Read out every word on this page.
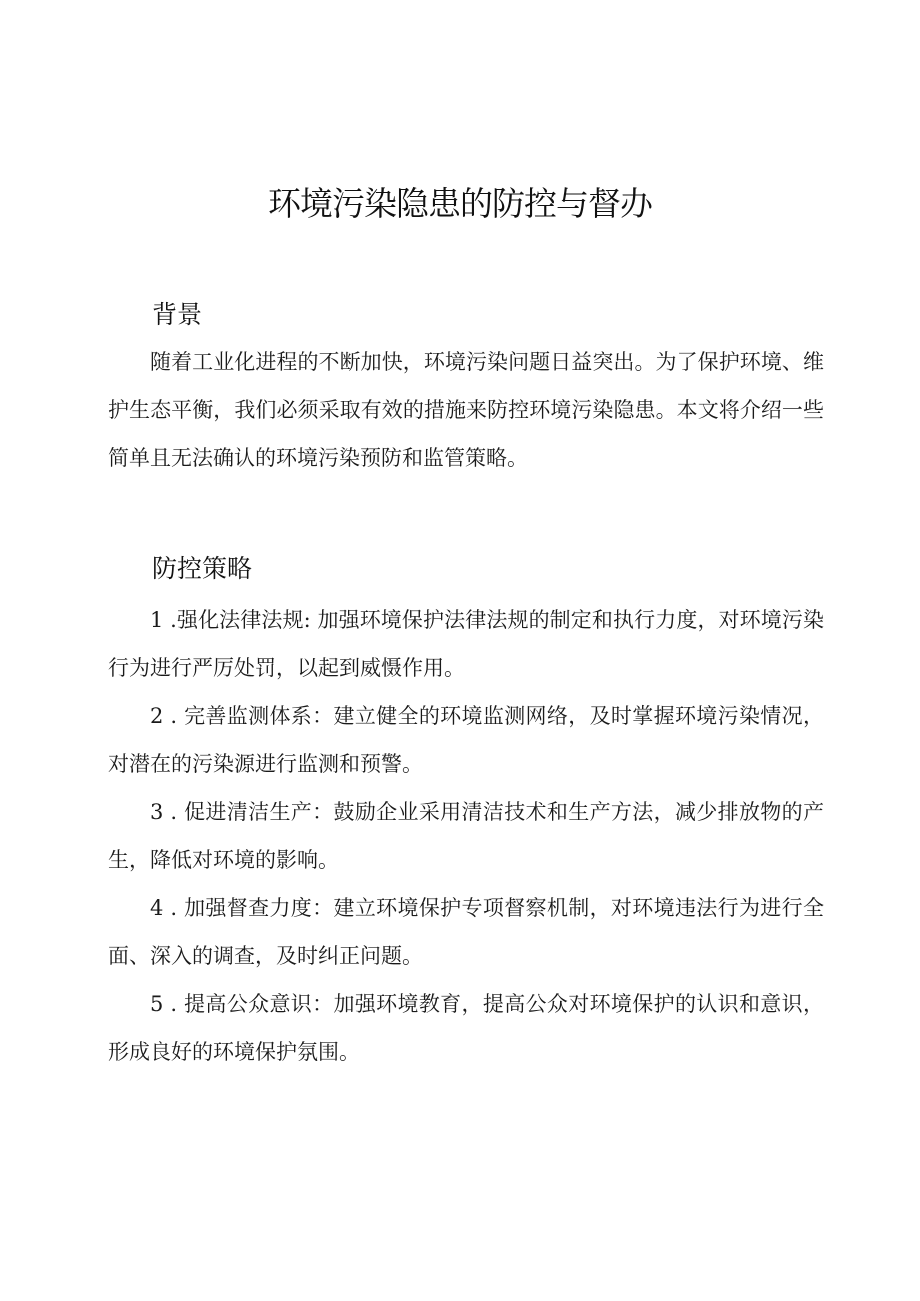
环境污染隐患的防控与督办
背景

随着工业化进程的不断加快，环境污染问题日益突出。为了保护环境、维护生态平衡，我们必须采取有效的措施来防控环境污染隐患。本文将介绍一些简单且无法确认的环境污染预防和监管策略。

防控策略

1 .强化法律法规: 加强环境保护法律法规的制定和执行力度，对环境污染行为进行严厉处罚，以起到威慑作用。

2 . 完善监测体系：建立健全的环境监测网络，及时掌握环境污染情况，对潜在的污染源进行监测和预警。

3 . 促进清洁生产：鼓励企业采用清洁技术和生产方法，减少排放物的产生，降低对环境的影响。

4 . 加强督查力度：建立环境保护专项督察机制，对环境违法行为进行全面、深入的调查，及时纠正问题。

5 . 提高公众意识：加强环境教育，提高公众对环境保护的认识和意识，形成良好的环境保护氛围。
